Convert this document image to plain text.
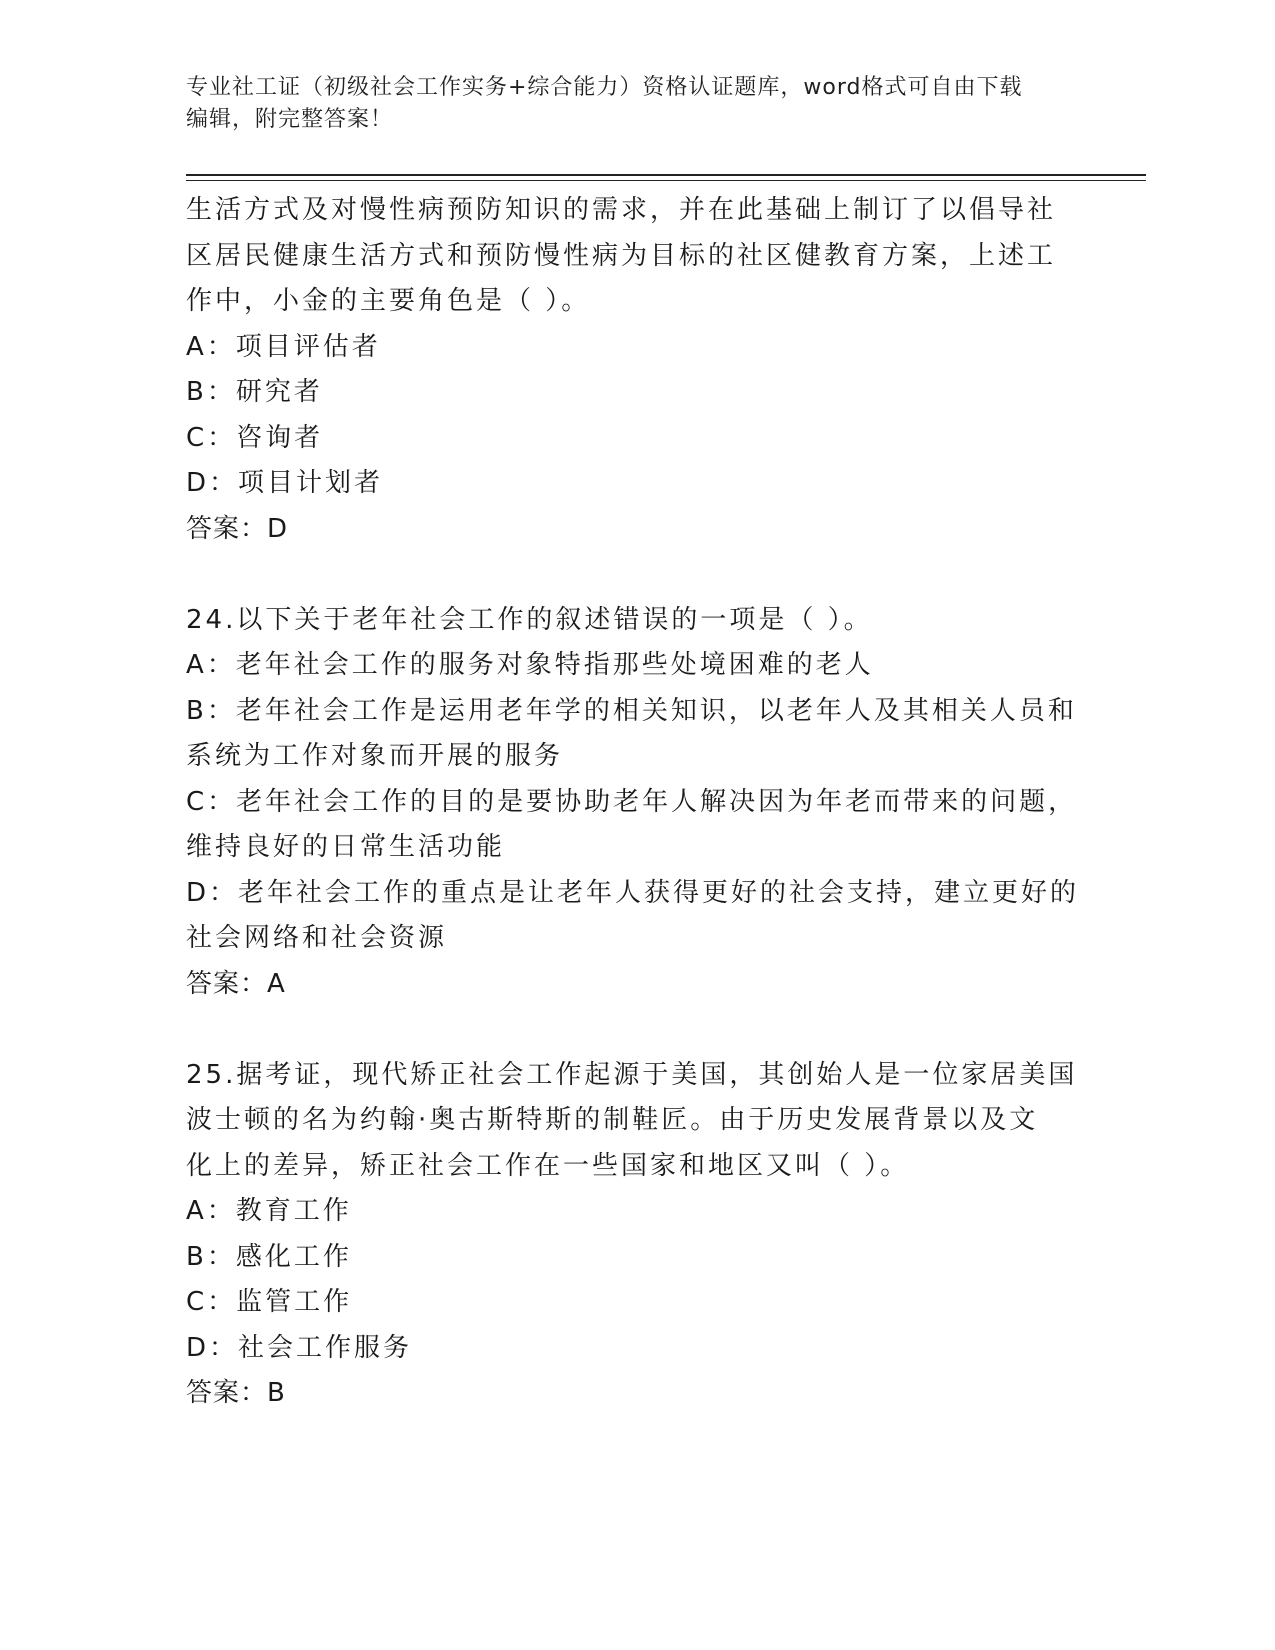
专业社工证（初级社会工作实务+综合能力）资格认证题库，word格式可自由下载
编辑，附完整答案！
生活方式及对慢性病预防知识的需求，并在此基础上制订了以倡导社
区居民健康生活方式和预防慢性病为目标的社区健教育方案，上述工
作中，小金的主要角色是（ ）。
A：项目评估者
B：研究者
C：咨询者
D：项目计划者
答案：D
24.以下关于老年社会工作的叙述错误的一项是（ ）。
A：老年社会工作的服务对象特指那些处境困难的老人
B：老年社会工作是运用老年学的相关知识，以老年人及其相关人员和
系统为工作对象而开展的服务
C：老年社会工作的目的是要协助老年人解决因为年老而带来的问题，
维持良好的日常生活功能
D：老年社会工作的重点是让老年人获得更好的社会支持，建立更好的
社会网络和社会资源
答案：A
25.据考证，现代矫正社会工作起源于美国，其创始人是一位家居美国
波士顿的名为约翰·奥古斯特斯的制鞋匠。由于历史发展背景以及文
化上的差异，矫正社会工作在一些国家和地区又叫（ ）。
A：教育工作
B：感化工作
C：监管工作
D：社会工作服务
答案：B
